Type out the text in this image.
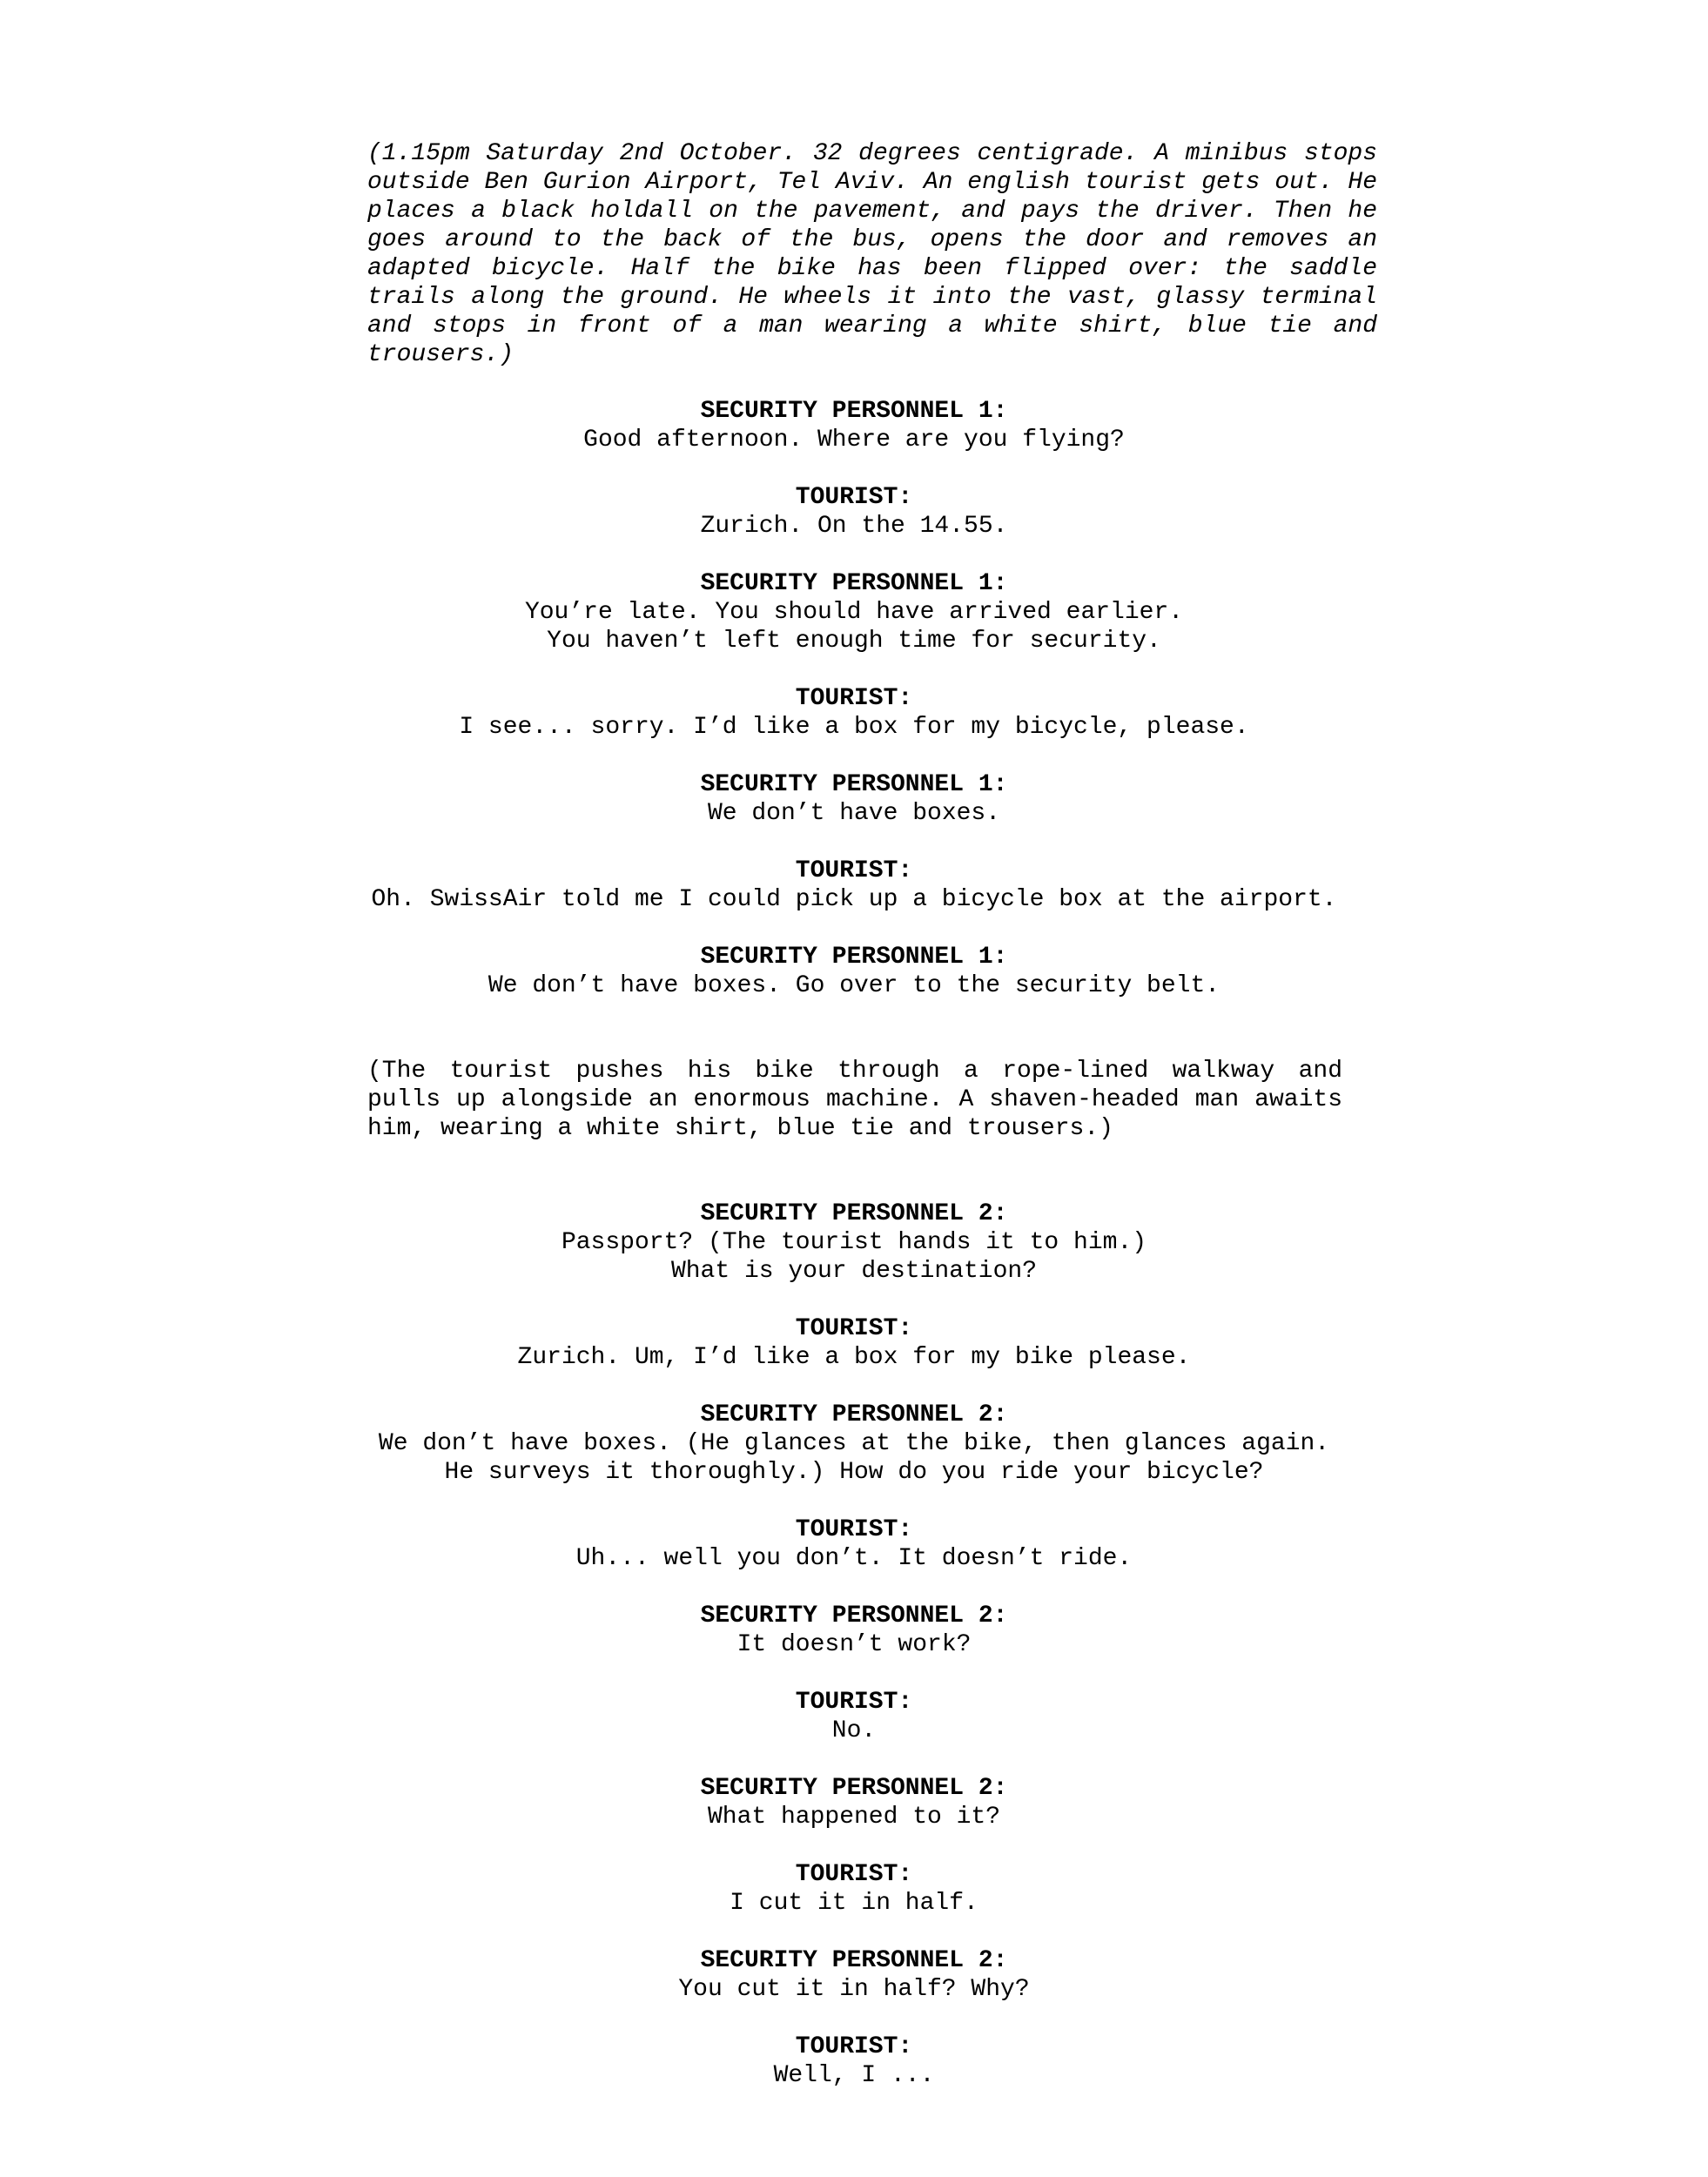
(1.15pm Saturday 2nd October. 32 degrees centigrade. A minibus stops outside Ben Gurion Airport, Tel Aviv. An english tourist gets out. He places a black holdall on the pavement, and pays the driver. Then he goes around to the back of the bus, opens the door and removes an adapted bicycle. Half the bike has been flipped over: the saddle trails along the ground. He wheels it into the vast, glassy terminal and stops in front of a man wearing a white shirt, blue tie and trousers.)
SECURITY PERSONNEL 1:
Good afternoon. Where are you flying?
TOURIST:
Zurich. On the 14.55.
SECURITY PERSONNEL 1:
You’re late. You should have arrived earlier.
You haven’t left enough time for security.
TOURIST:
I see... sorry. I’d like a box for my bicycle, please.
SECURITY PERSONNEL 1:
We don’t have boxes.
TOURIST:
Oh. SwissAir told me I could pick up a bicycle box at the airport.
SECURITY PERSONNEL 1:
We don’t have boxes. Go over to the security belt.
(The tourist pushes his bike through a rope-lined walkway and pulls up alongside an enormous machine. A shaven-headed man awaits him, wearing a white shirt, blue tie and trousers.)
SECURITY PERSONNEL 2:
Passport? (The tourist hands it to him.)
What is your destination?
TOURIST:
Zurich. Um, I’d like a box for my bike please.
SECURITY PERSONNEL 2:
We don’t have boxes. (He glances at the bike, then glances again.
He surveys it thoroughly.) How do you ride your bicycle?
TOURIST:
Uh... well you don’t. It doesn’t ride.
SECURITY PERSONNEL 2:
It doesn’t work?
TOURIST:
No.
SECURITY PERSONNEL 2:
What happened to it?
TOURIST:
I cut it in half.
SECURITY PERSONNEL 2:
You cut it in half? Why?
TOURIST:
Well, I ...
